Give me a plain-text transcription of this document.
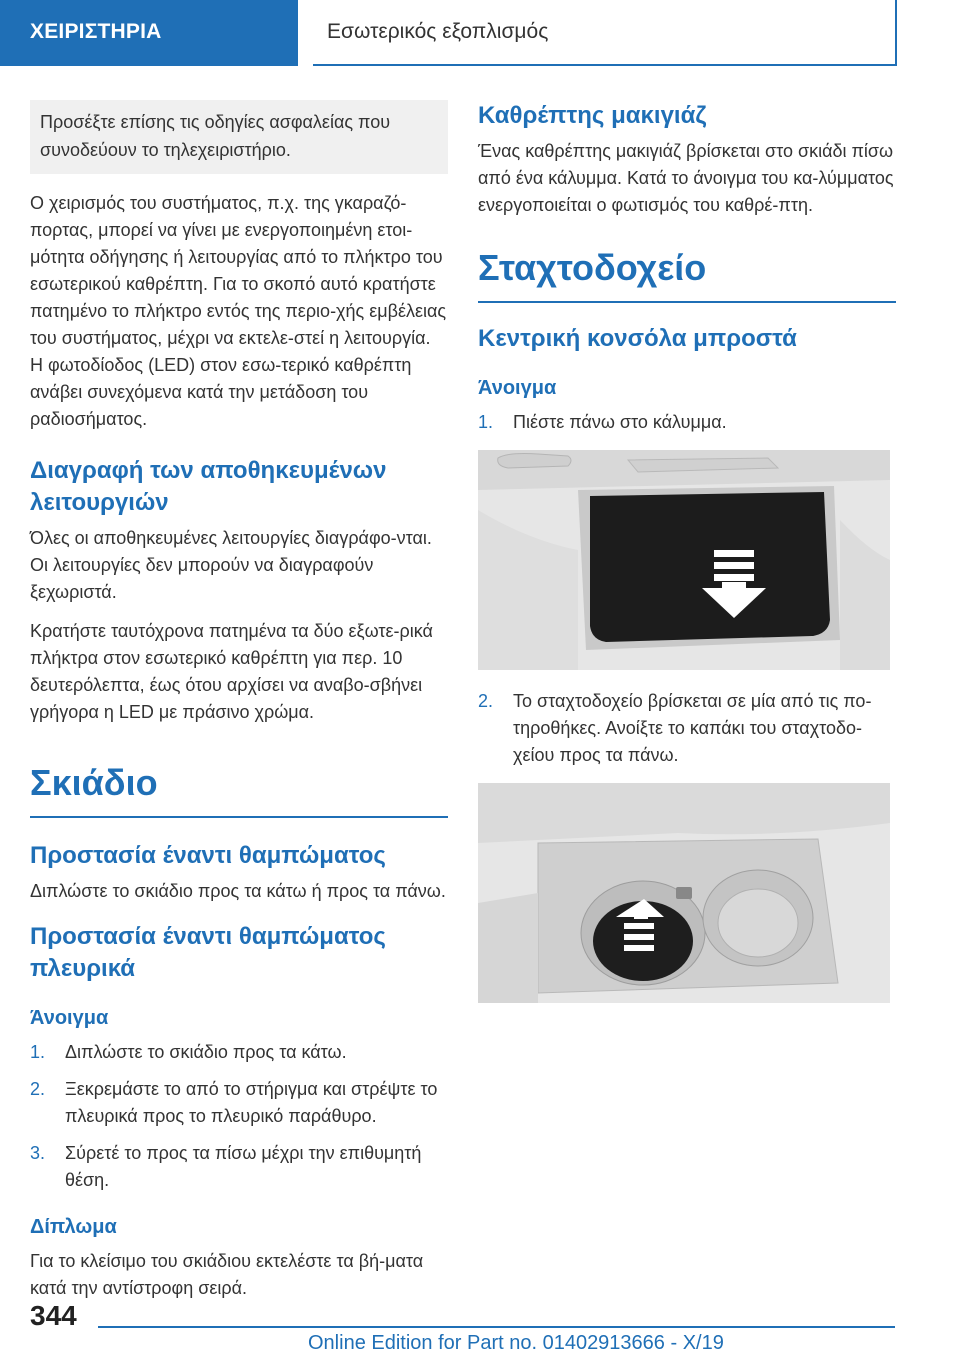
ΧΕΙΡΙΣΤΗΡΙΑ	Εσωτερικός εξοπλισμός
Προσέξτε επίσης τις οδηγίες ασφαλείας που συνοδεύουν το τηλεχειριστήριο.

Ο χειρισμός του συστήματος, π.χ. της γκαραζό-πορτας, μπορεί να γίνει με ενεργοποιημένη ετοι-μότητα οδήγησης ή λειτουργίας από το πλήκτρο του εσωτερικού καθρέπτη. Για το σκοπό αυτό κρατήστε πατημένο το πλήκτρο εντός της περιο-χής εμβέλειας του συστήματος, μέχρι να εκτελε-στεί η λειτουργία. Η φωτοδίοδος (LED) στον εσω-τερικό καθρέπτη ανάβει συνεχόμενα κατά την μετάδοση του ραδιοσήματος.

Διαγραφή των αποθηκευμένων λειτουργιών

Όλες οι αποθηκευμένες λειτουργίες διαγράφο-νται. Οι λειτουργίες δεν μπορούν να διαγραφούν ξεχωριστά.

Κρατήστε ταυτόχρονα πατημένα τα δύο εξωτε-ρικά πλήκτρα στον εσωτερικό καθρέπτη για περ. 10 δευτερόλεπτα, έως ότου αρχίσει να αναβο-σβήνει γρήγορα η LED με πράσινο χρώμα.

Σκιάδιο
Προστασία έναντι θαμπώματος

Διπλώστε το σκιάδιο προς τα κάτω ή προς τα πάνω.

Προστασία έναντι θαμπώματος πλευρικά
Άνοιγμα
1. Διπλώστε το σκιάδιο προς τα κάτω.
2. Ξεκρεμάστε το από το στήριγμα και στρέψτε το πλευρικά προς το πλευρικό παράθυρο.
3. Σύρετέ το προς τα πίσω μέχρι την επιθυμητή θέση.
Δίπλωμα

Για το κλείσιμο του σκιάδιου εκτελέστε τα βή-ματα κατά την αντίστροφη σειρά.

Καθρέπτης μακιγιάζ

Ένας καθρέπτης μακιγιάζ βρίσκεται στο σκιάδι πίσω από ένα κάλυμμα. Κατά το άνοιγμα του κα-λύμματος ενεργοποιείται ο φωτισμός του καθρέ-πτη.

Σταχτοδοχείο
Κεντρική κονσόλα μπροστά
Άνοιγμα
1. Πιέστε πάνω στο κάλυμμα.
2. Το σταχτοδοχείο βρίσκεται σε μία από τις πο-τηροθήκες. Ανοίξτε το καπάκι του σταχτοδο-χείου προς τα πάνω.
344
Online Edition for Part no. 01402913666 - X/19
